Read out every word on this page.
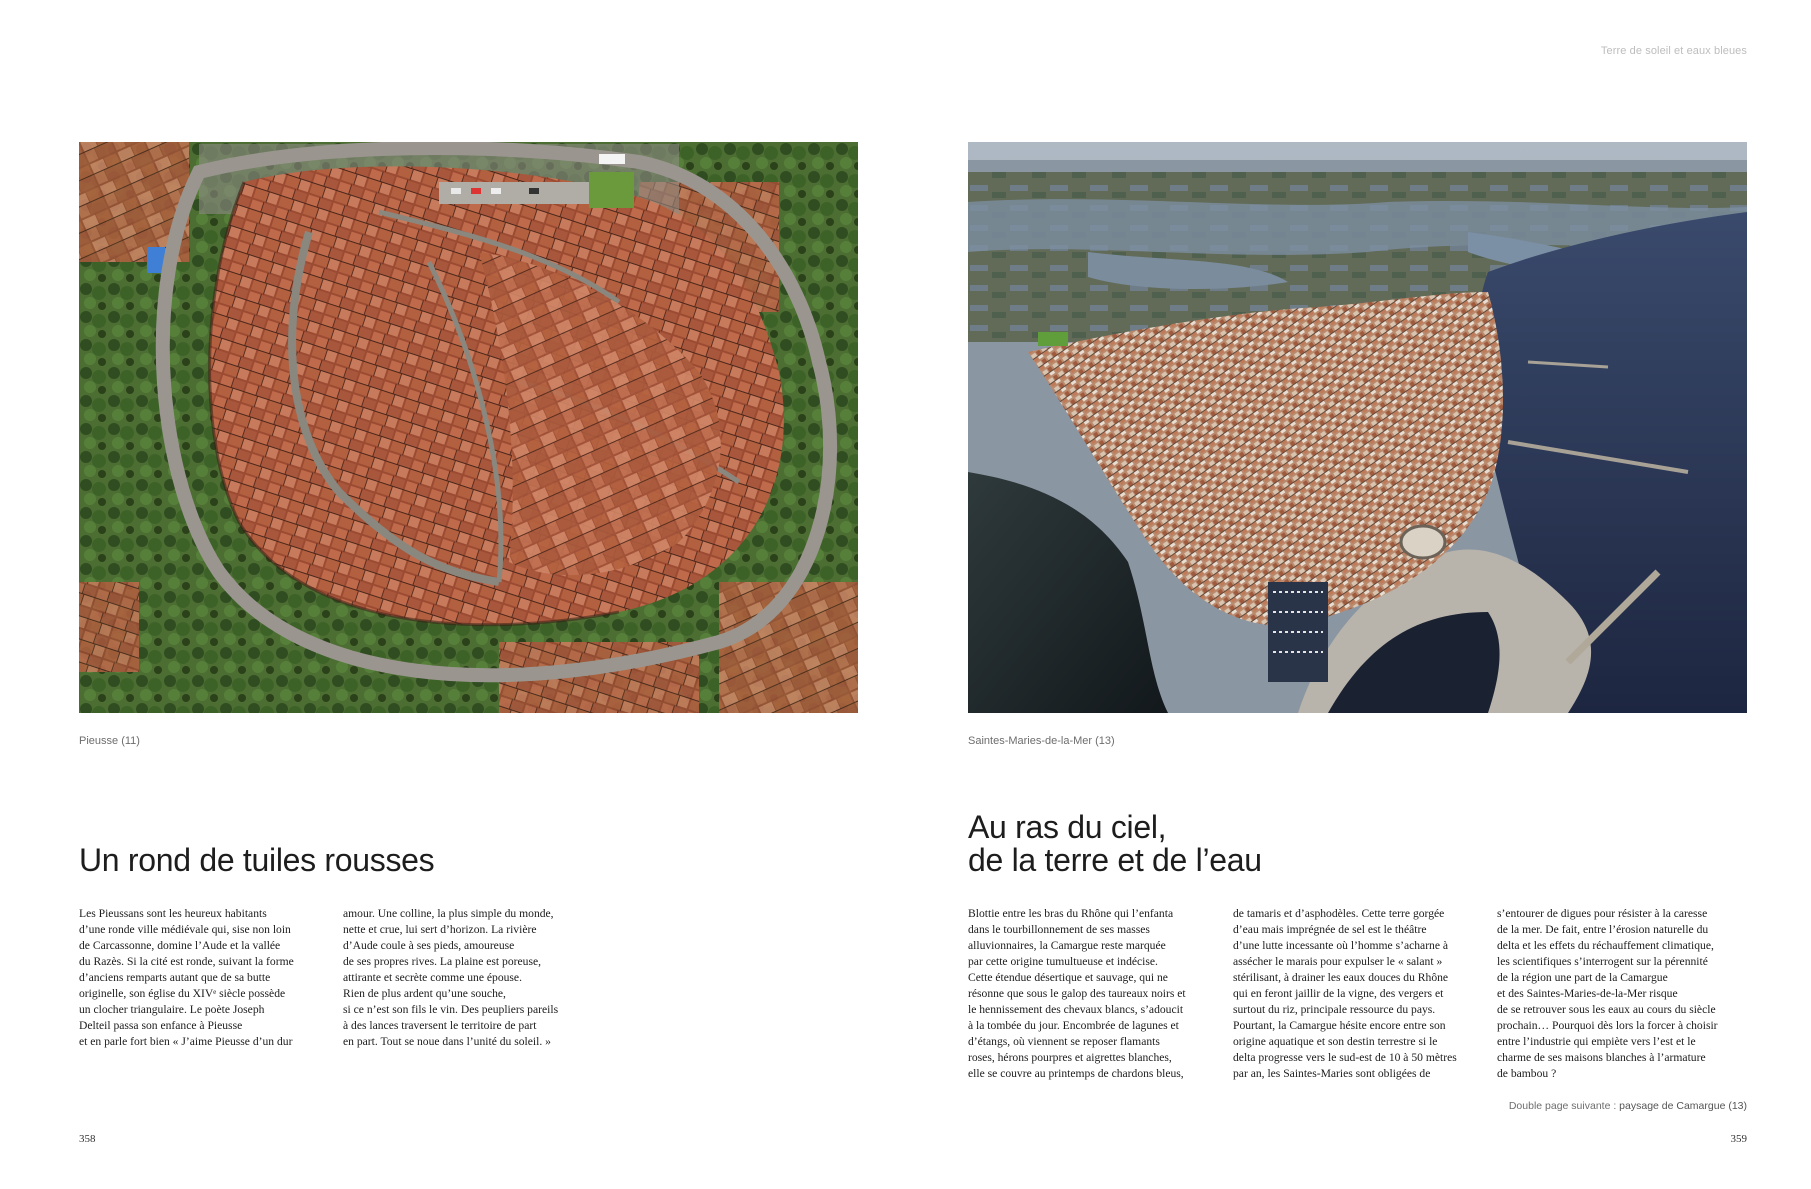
Pieusse (11)
Un rond de tuiles rousses

Les Pieussans sont les heureux habitants
d’une ronde ville médiévale qui, sise non loin
de Carcassonne, domine l’Aude et la vallée
du Razès. Si la cité est ronde, suivant la forme
d’anciens remparts autant que de sa butte
originelle, son église du XIVᵉ siècle possède
un clocher triangulaire. Le poète Joseph
Delteil passa son enfance à Pieusse
et en parle fort bien « J’aime Pieusse d’un dur

amour. Une colline, la plus simple du monde,
nette et crue, lui sert d’horizon. La rivière
d’Aude coule à ses pieds, amoureuse
de ses propres rives. La plaine est poreuse,
attirante et secrète comme une épouse.
Rien de plus ardent qu’une souche,
si ce n’est son fils le vin. Des peupliers pareils
à des lances traversent le territoire de part
en part. Tout se noue dans l’unité du soleil. »

358
Terre de soleil et eaux bleues
Saintes-Maries-de-la-Mer (13)
Au ras du ciel,
de la terre et de l’eau

Blottie entre les bras du Rhône qui l’enfanta
dans le tourbillonnement de ses masses
alluvionnaires, la Camargue reste marquée
par cette origine tumultueuse et indécise.
Cette étendue désertique et sauvage, qui ne
résonne que sous le galop des taureaux noirs et
le hennissement des chevaux blancs, s’adoucit
à la tombée du jour. Encombrée de lagunes et
d’étangs, où viennent se reposer flamants
roses, hérons pourpres et aigrettes blanches,
elle se couvre au printemps de chardons bleus,

de tamaris et d’asphodèles. Cette terre gorgée
d’eau mais imprégnée de sel est le théâtre
d’une lutte incessante où l’homme s’acharne à
assécher le marais pour expulser le « salant »
stérilisant, à drainer les eaux douces du Rhône
qui en feront jaillir de la vigne, des vergers et
surtout du riz, principale ressource du pays.
Pourtant, la Camargue hésite encore entre son
origine aquatique et son destin terrestre si le
delta progresse vers le sud-est de 10 à 50 mètres
par an, les Saintes-Maries sont obligées de

s’entourer de digues pour résister à la caresse
de la mer. De fait, entre l’érosion naturelle du
delta et les effets du réchauffement climatique,
les scientifiques s’interrogent sur la pérennité
de la région une part de la Camargue
et des Saintes-Maries-de-la-Mer risque
de se retrouver sous les eaux au cours du siècle
prochain… Pourquoi dès lors la forcer à choisir
entre l’industrie qui empiète vers l’est et le
charme de ses maisons blanches à l’armature
de bambou ?

Double page suivante : paysage de Camargue (13)
359
